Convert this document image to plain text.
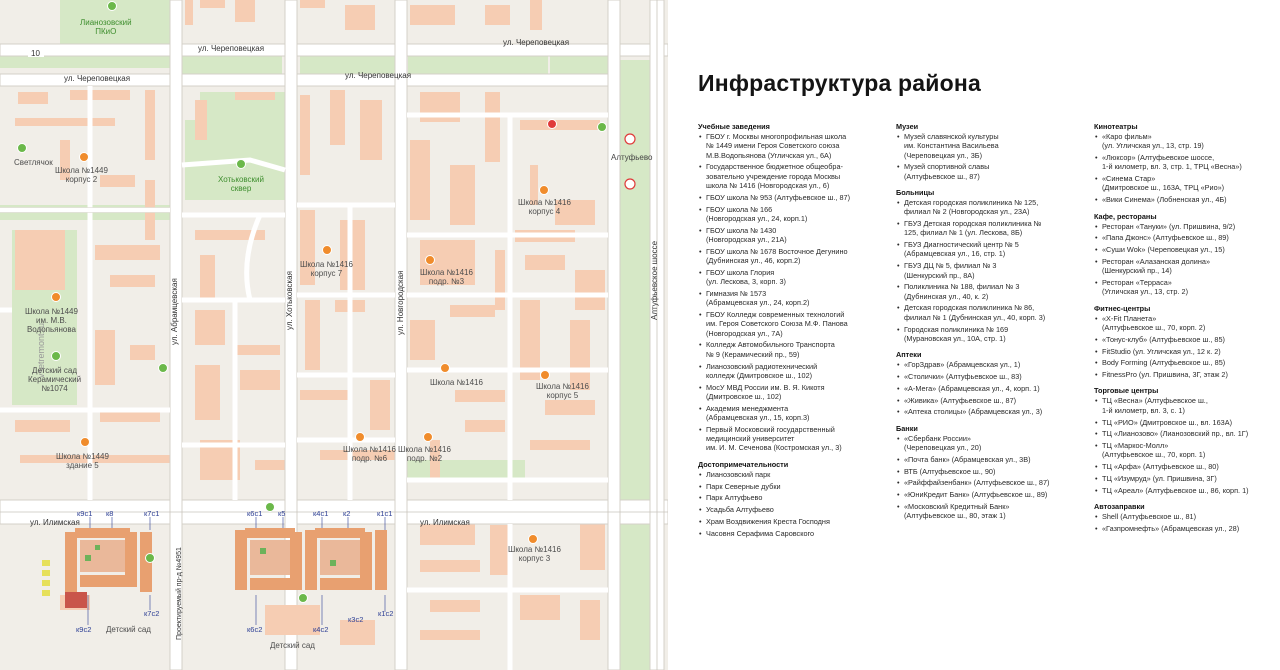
ул. Череповецкая
ул. Череповецкая
ул. Череповецкая	ул. Череповецкая
ул. Абрамцевская	ул. Хотьковская	ул. Новгородская	Алтуфьевское шоссе
ул. Илимская	ул. Илимская
Проектируемый пр-д №4951
10
Алтуфьево
vsetremont.ru
Лианозовский
ПКиО
Хотьковский
сквер
Светлячок
Школа №1449
корпус 2
Школа №1416
корпус 7
Школа №1416
корпус 4
Школа №1416
подр. №3
Школа №1449
им. М.В.
Водопьянова
Детский сад
Керамический
№1074
Школа №1416	Школа №1416
корпус 5
Школа №1449
здание 5
Школа №1416
подр. №6
Школа №1416
подр. №2
Школа №1416
корпус 3
Детский сад
Детский сад
к9с1 к8	к7с1
к7с2
к9с2
к6с1 к5	к4с1 к2	к1с1
к1с2
к3с2
к6с2	к4с2
Инфраструктура района
Учебные заведения
• ГБОУ г. Москвы многопрофильная школа
№ 1449 имени Героя Советского союза
М.В.Водопьянова (Угличская ул., 6А)
• Государственное бюджетное общеобра-
зовательно учреждение города Москвы
школа № 1416 (Новгородская ул., 6)
• ГБОУ школа № 953 (Алтуфьевское ш., 87)
• ГБОУ школа № 166
(Новгородская ул., 24, корп.1)
• ГБОУ школа № 1430
(Новгородская ул., 21А)
• ГБОУ школа № 1678 Восточное Дегунино
(Дубнинская ул., 46, корп.2)
• ГБОУ школа Глория
(ул. Лескова, 3, корп. 3)
• Гимназия № 1573
(Абрамцевская ул., 24, корп.2)
• ГБОУ Колледж современных технологий
им. Героя Советского Союза М.Ф. Панова
(Новгородская ул., 7А)
• Колледж Автомобильного Транспорта
№ 9 (Керамический пр., 59)
• Лианозовский радиотехнический
колледж (Дмитровское ш., 102)
• МосУ МВД России им. В. Я. Кикотя
(Дмитровское ш., 102)
• Академия менеджмента
(Абрамцевская ул., 15, корп.3)
• Первый Московский государственный
медицинский университет
им. И. М. Сеченова (Костромская ул., 3)
Достопримечательности
• Лианозовский парк
• Парк Северные дубки
• Парк Алтуфьево
• Усадьба Алтуфьево
• Храм Воздвижения Креста Господня
• Часовня Серафима Саровского
Музеи
• Музей славянской культуры
им. Константина Васильева
(Череповецкая ул., 3Б)
• Музей спортивной славы
(Алтуфьевское ш., 87)
Больницы
• Детская городская поликлиника № 125,
филиал № 2 (Новгородская ул., 23А)
• ГБУЗ Детская городская поликлиника №
125, филиал № 1 (ул. Лескова, 8Б)
• ГБУЗ Диагностический центр № 5
(Абрамцевская ул., 16, стр. 1)
• ГБУЗ ДЦ № 5, филиал № 3
(Шенкурский пр., 8А)
• Поликлиника № 188, филиал № 3
(Дубнинская ул., 40, к. 2)
• Детская городская поликлиника № 86,
филиал № 1 (Дубнинская ул., 40, корп. 3)
• Городская поликлиника № 169
(Мурановская ул., 10А, стр. 1)
Аптеки
• «ГорЗдрав» (Абрамцевская ул., 1)
• «Столички» (Алтуфьевское ш., 83)
• «А-Мега» (Абрамцевская ул., 4, корп. 1)
• «Живика» (Алтуфьевское ш., 87)
• «Аптека столицы» (Абрамцевская ул., 3)
Банки
• «Сбербанк России»
(Череповецкая ул., 20)
• «Почта банк» (Абрамцевская ул., 3В)
• ВТБ (Алтуфьевское ш., 90)
• «Райффайзенбанк» (Алтуфьевское ш., 87)
• «ЮниКредит Банк» (Алтуфьевское ш., 89)
• «Московский Кредитный Банк»
(Алтуфьевское ш., 80, этаж 1)
Кинотеатры
• «Каро фильм»
(ул. Угличская ул., 13, стр. 19)
• «Люксор» (Алтуфьевское шоссе,
1-й километр, вл. 3, стр. 1, ТРЦ «Весна»)
• «Синема Стар»
(Дмитровское ш., 163А, ТРЦ «Рио»)
• «Вики Синема» (Лобненская ул., 4Б)
Кафе, рестораны
• Ресторан «Тануки» (ул. Пришвина, 9/2)
• «Папа Джонс» (Алтуфьевское ш., 89)
• «Суши Wok» (Череповецкая ул., 15)
• Ресторан «Алазанская долина»
(Шенкурский пр., 14)
• Ресторан «Терраса»
(Угличская ул., 13, стр. 2)
Фитнес-центры
• «X-Fit Планета»
(Алтуфьевское ш., 70, корп. 2)
• «Тонус-клуб» (Алтуфьевское ш., 85)
• FitStudio (ул. Угличская ул., 12 к. 2)
• Body Forming (Алтуфьевское ш., 85)
• FitnessPro (ул. Пришвина, 3Г, этаж 2)
Торговые центры
• ТЦ «Весна» (Алтуфьевское ш.,
1-й километр, вл. 3, с. 1)
• ТЦ «РИО» (Дмитровское ш., вл. 163А)
• ТЦ «Лианозово» (Лианозовский пр., вл. 1Г)
• ТЦ «Маркос-Молл»
(Алтуфьевское ш., 70, корп. 1)
• ТЦ «Арфа» (Алтуфьевское ш., 80)
• ТЦ «Изумруд» (ул. Пришвина, 3Г)
• ТЦ «Ареал» (Алтуфьевское ш., 86, корп. 1)
Автозаправки
• Shell (Алтуфьевское ш., 81)
• «Газпромнефть» (Абрамцевская ул., 28)
